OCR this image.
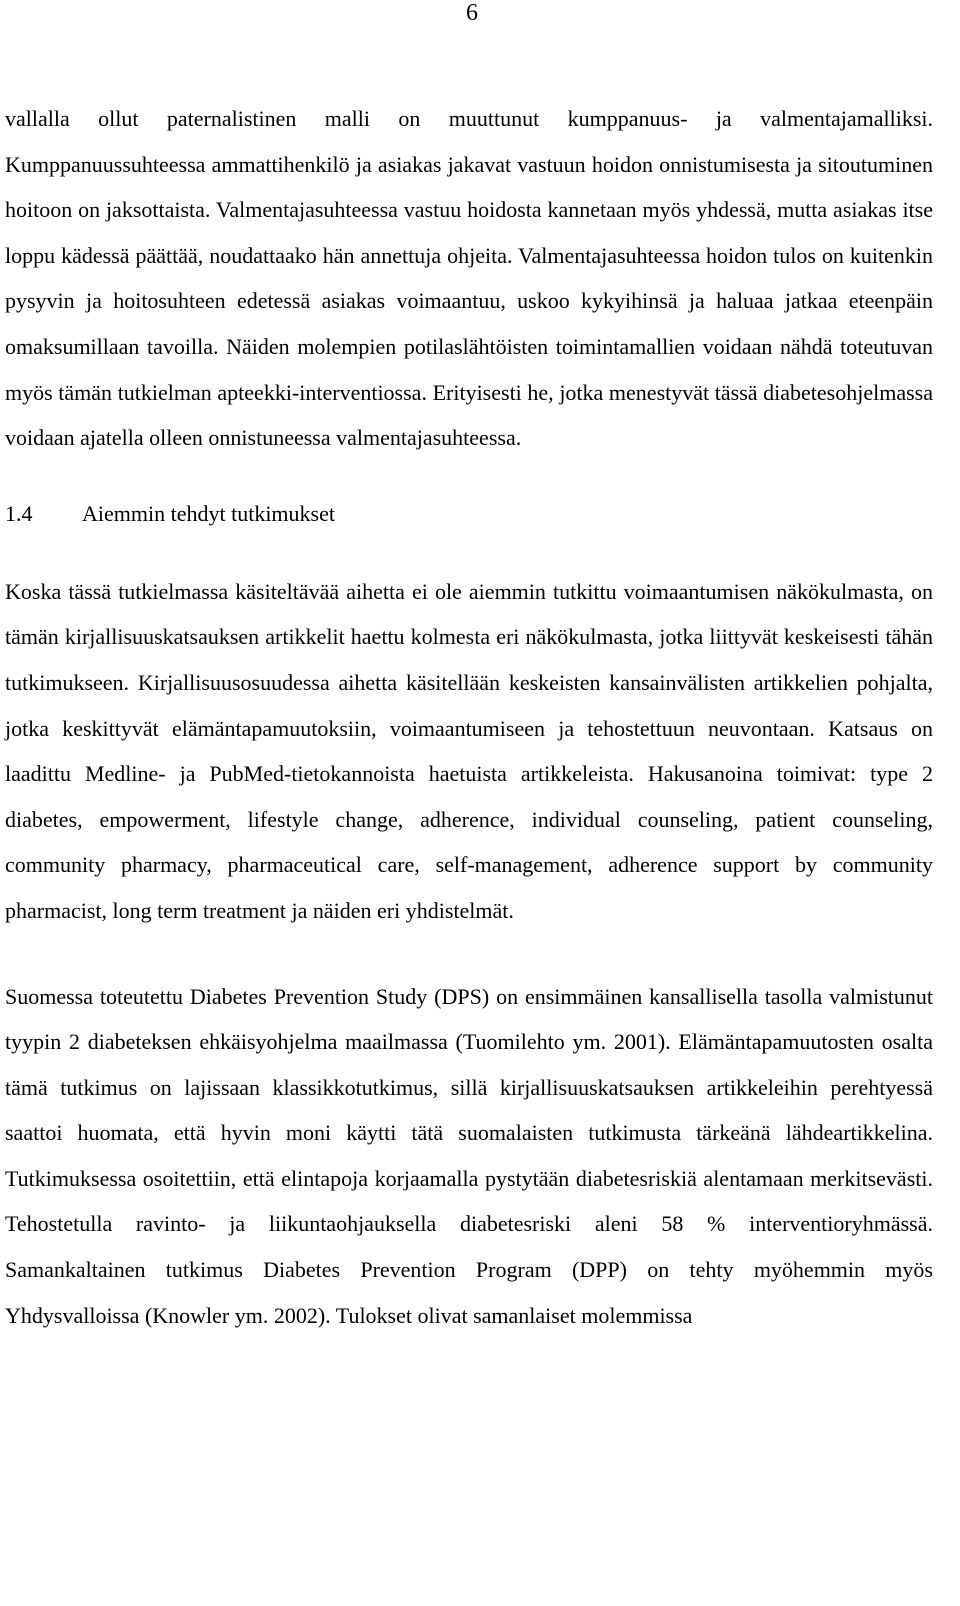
6

vallalla ollut paternalistinen malli on muuttunut kumppanuus- ja valmentajamalliksi. Kumppanuussuhteessa ammattihenkilö ja asiakas jakavat vastuun hoidon onnistumisesta ja sitoutuminen hoitoon on jaksottaista. Valmentajasuhteessa vastuu hoidosta kannetaan myös yhdessä, mutta asiakas itse loppu kädessä päättää, noudattaako hän annettuja ohjeita. Valmentajasuhteessa hoidon tulos on kuitenkin pysyvin ja hoitosuhteen edetessä asiakas voimaantuu, uskoo kykyihinsä ja haluaa jatkaa eteenpäin omaksumillaan tavoilla. Näiden molempien potilaslähtöisten toimintamallien voidaan nähdä toteutuvan myös tämän tutkielman apteekki-interventiossa. Erityisesti he, jotka menestyvät tässä diabetesohjelmassa voidaan ajatella olleen onnistuneessa valmentajasuhteessa.

1.4	Aiemmin tehdyt tutkimukset

Koska tässä tutkielmassa käsiteltävää aihetta ei ole aiemmin tutkittu voimaantumisen näkökulmasta, on tämän kirjallisuuskatsauksen artikkelit haettu kolmesta eri näkökulmasta, jotka liittyvät keskeisesti tähän tutkimukseen. Kirjallisuusosuudessa aihetta käsitellään keskeisten kansainvälisten artikkelien pohjalta, jotka keskittyvät elämäntapamuutoksiin, voimaantumiseen ja tehostettuun neuvontaan. Katsaus on laadittu Medline- ja PubMed-tietokannoista haetuista artikkeleista. Hakusanoina toimivat: type 2 diabetes, empowerment, lifestyle change, adherence, individual counseling, patient counseling, community pharmacy, pharmaceutical care, self-management, adherence support by community pharmacist, long term treatment ja näiden eri yhdistelmät.

Suomessa toteutettu Diabetes Prevention Study (DPS) on ensimmäinen kansallisella tasolla valmistunut tyypin 2 diabeteksen ehkäisyohjelma maailmassa (Tuomilehto ym. 2001). Elämäntapamuutosten osalta tämä tutkimus on lajissaan klassikkotutkimus, sillä kirjallisuuskatsauksen artikkeleihin perehtyessä saattoi huomata, että hyvin moni käytti tätä suomalaisten tutkimusta tärkeänä lähdeartikkelina. Tutkimuksessa osoitettiin, että elintapoja korjaamalla pystytään diabetesriskiä alentamaan merkitsevästi. Tehostetulla ravinto- ja liikuntaohjauksella diabetesriski aleni 58 % interventioryhmässä. Samankaltainen tutkimus Diabetes Prevention Program (DPP) on tehty myöhemmin myös Yhdysvalloissa (Knowler ym. 2002). Tulokset olivat samanlaiset molemmissa
